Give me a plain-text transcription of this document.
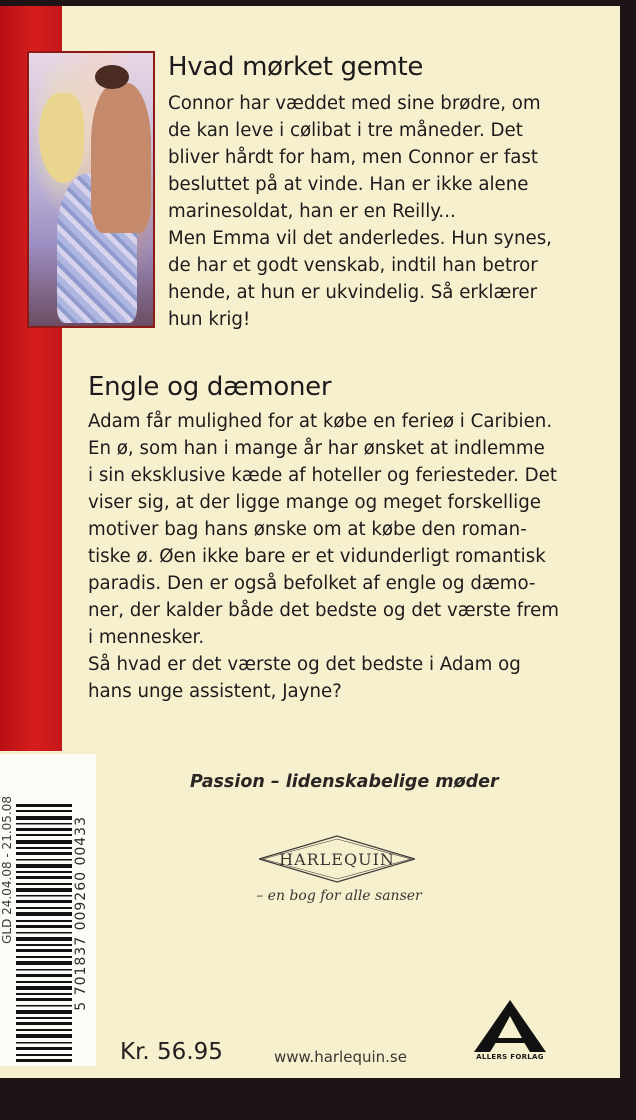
Hvad mørket gemte

Connor har væddet med sine brødre, om
de kan leve i cølibat i tre måneder. Det
bliver hårdt for ham, men Connor er fast
besluttet på at vinde. Han er ikke alene
marinesoldat, han er en Reilly...
Men Emma vil det anderledes. Hun synes,
de har et godt venskab, indtil han betror
hende, at hun er ukvindelig. Så erklærer
hun krig!

Engle og dæmoner

Adam får mulighed for at købe en ferieø i Caribien.
En ø, som han i mange år har ønsket at indlemme
i sin eksklusive kæde af hoteller og feriesteder. Det
viser sig, at der ligge mange og meget forskellige
motiver bag hans ønske om at købe den roman-
tiske ø. Øen ikke bare er et vidunderligt romantisk
paradis. Den er også befolket af engle og dæmo-
ner, der kalder både det bedste og det værste frem
i mennesker.
Så hvad er det værste og det bedste i Adam og
hans unge assistent, Jayne?

Passion – lidenskabelige møder
HARLEQUIN
– en bog for alle sanser
5 701837 009260 00433
GLD 24.04.08 - 21.05.08
Kr. 56.95	www.harlequin.se	ALLERS FORLAG
